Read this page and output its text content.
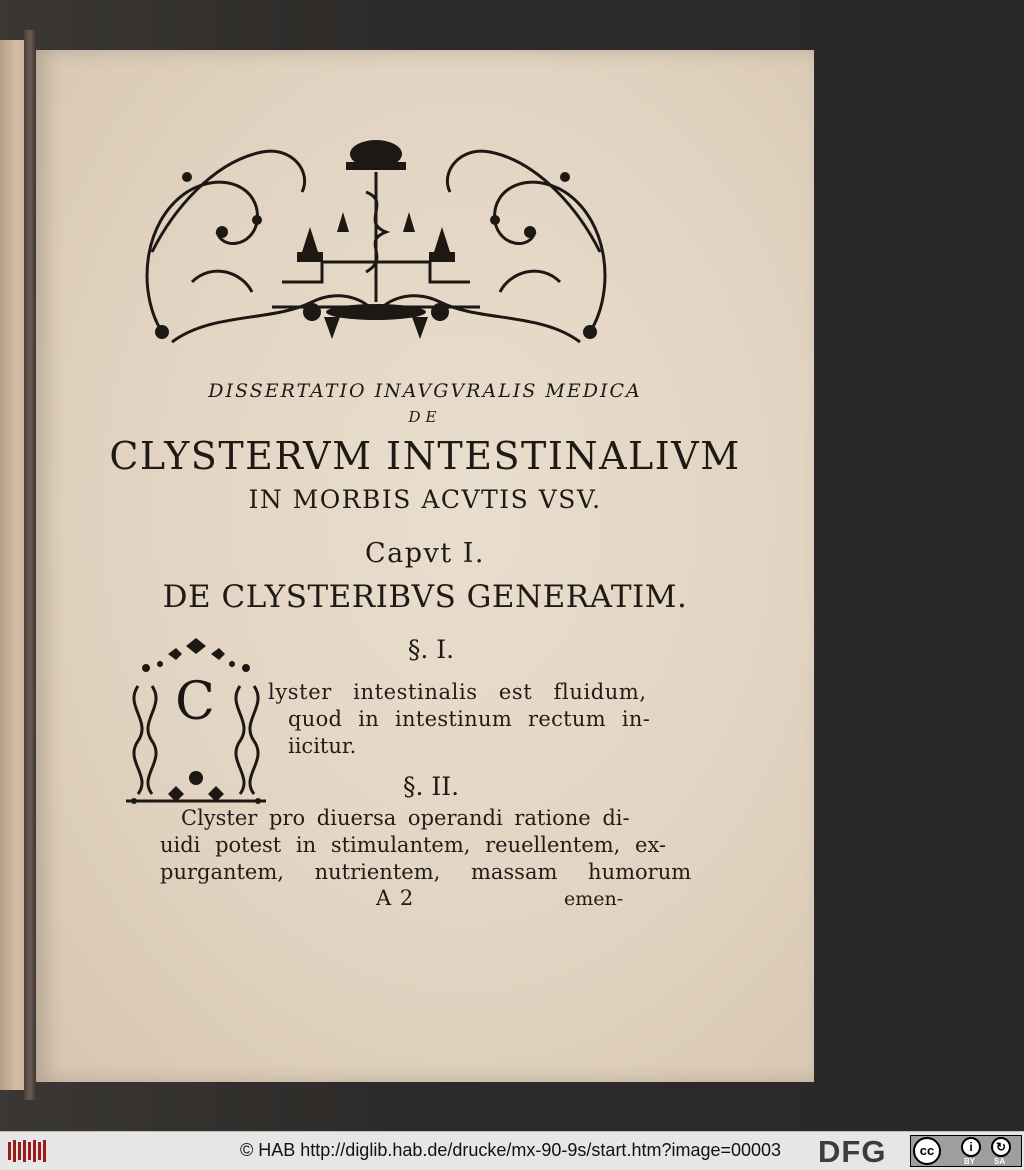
DISSERTATIO INAVGVRALIS MEDICA
DE
CLYSTERVM INTESTINALIVM
IN MORBIS ACVTIS VSV.
Capvt I.
DE CLYSTERIBVS GENERATIM.
§. I.
C	lyster intestinalis est fluidum,
quod in intestinum rectum in-
iicitur.
§. II.
Clyster pro diuersa operandi ratione di-
uidi potest in stimulantem, reuellentem, ex-
purgantem, nutrientem, massam humorum
A 2	emen-
© HAB http://diglib.hab.de/drucke/mx-90-9s/start.htm?image=00003 DFG	cc	i	↻
BY SA
